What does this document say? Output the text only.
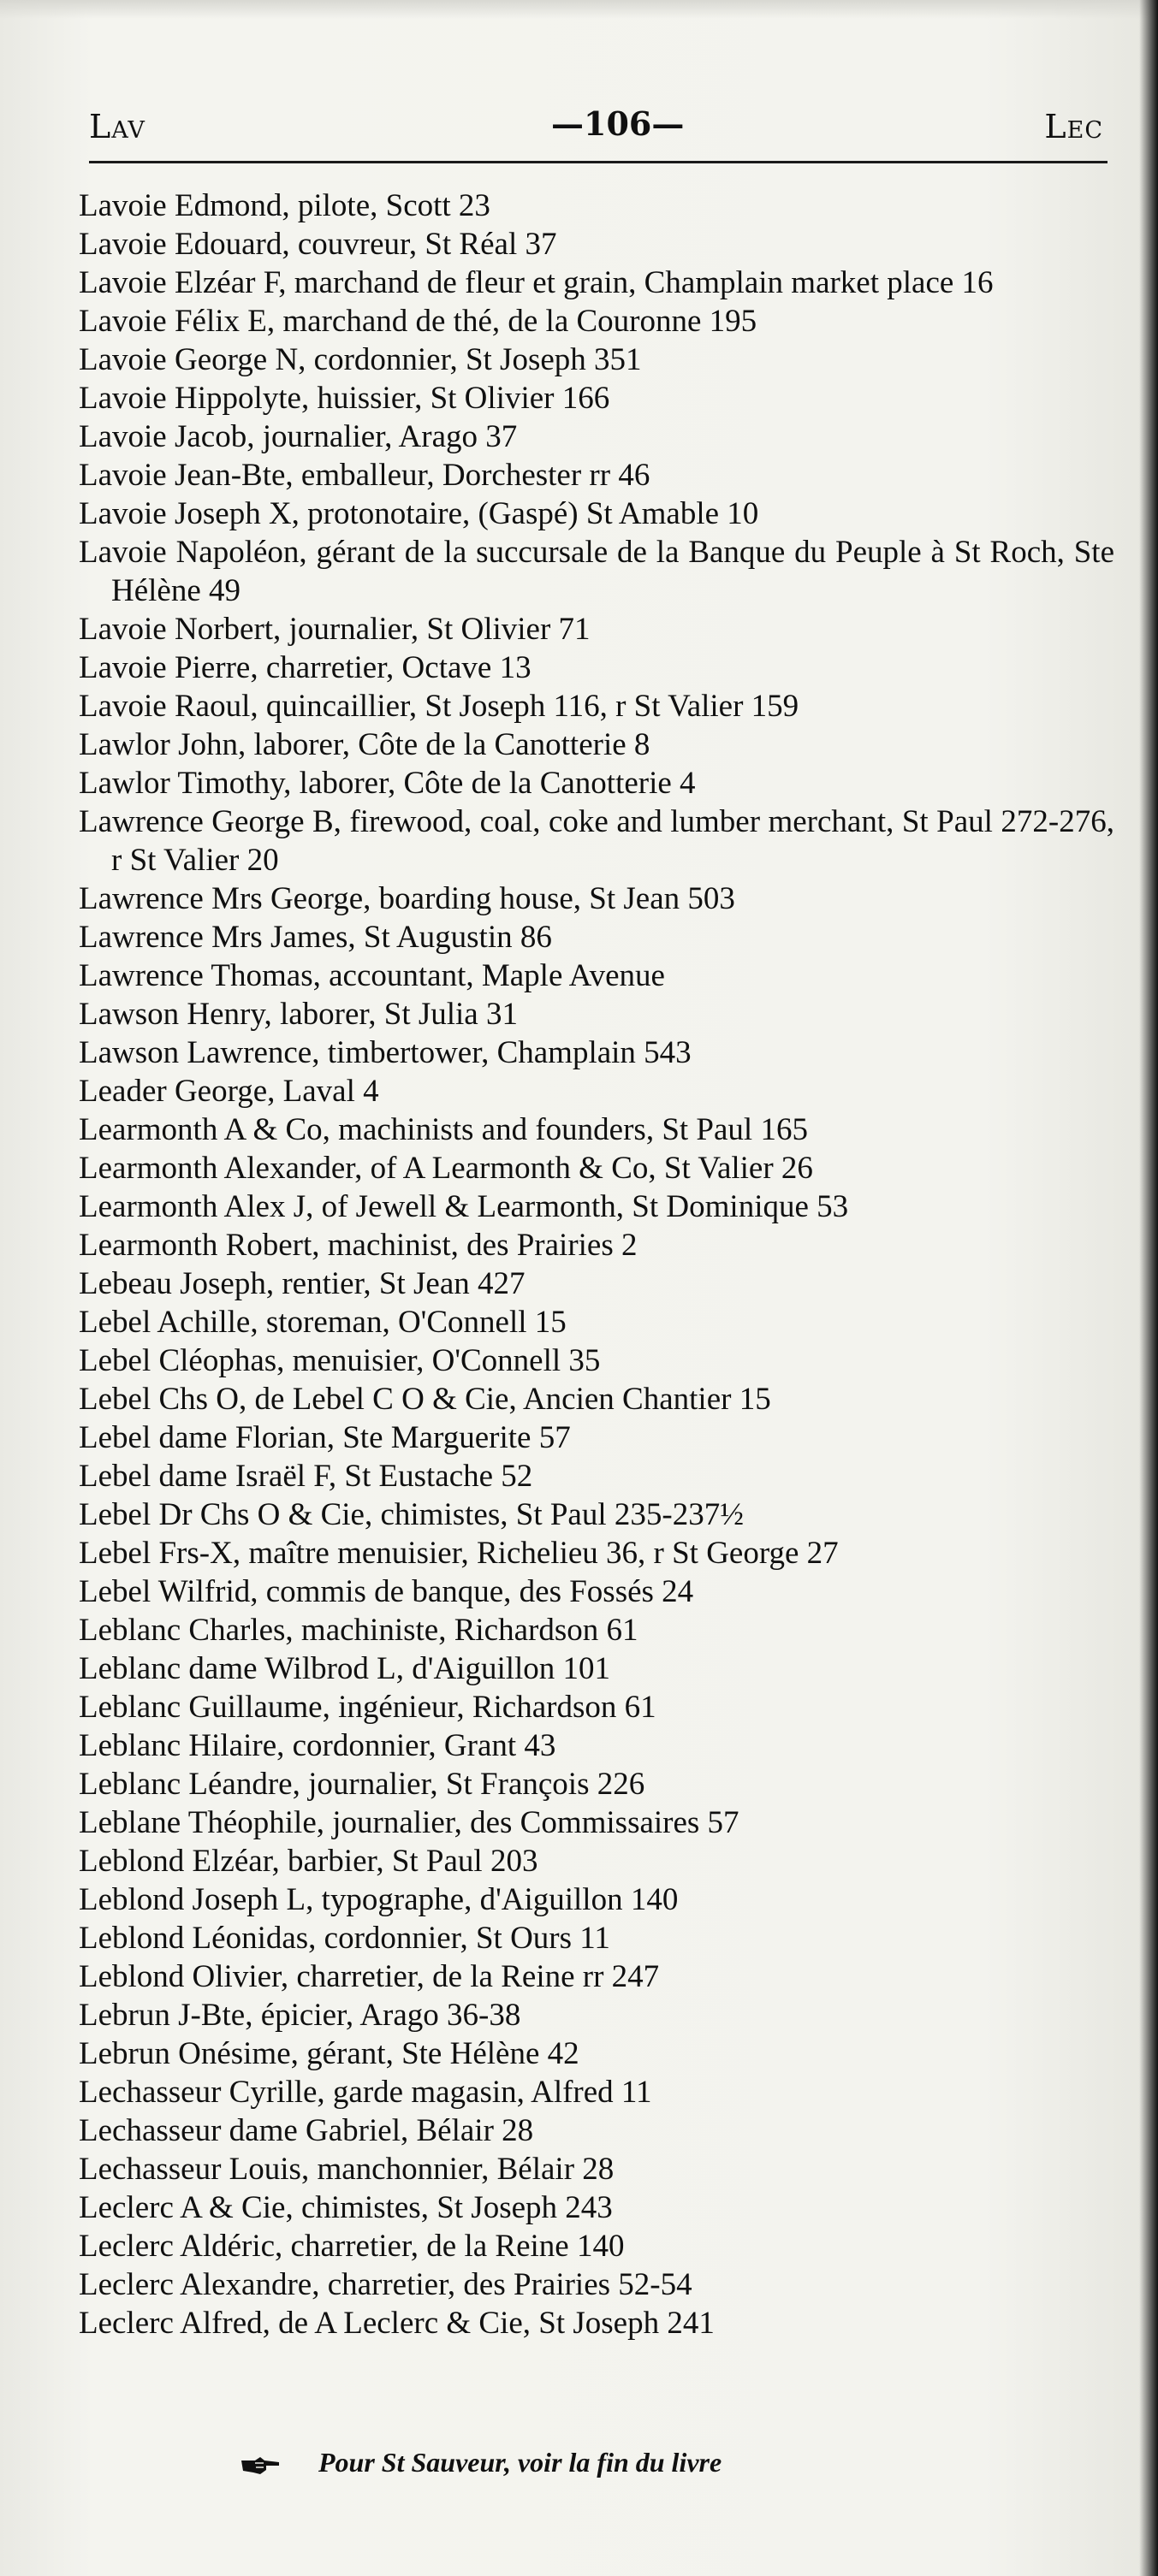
Lav	—106—	Lec

Lavoie Edmond, pilote, Scott 23

Lavoie Edouard, couvreur, St Réal 37

Lavoie Elzéar F, marchand de fleur et grain, Champlain market place 16

Lavoie Félix E, marchand de thé, de la Couronne 195

Lavoie George N, cordonnier, St Joseph 351

Lavoie Hippolyte, huissier, St Olivier 166

Lavoie Jacob, journalier, Arago 37

Lavoie Jean-Bte, emballeur, Dorchester rr 46

Lavoie Joseph X, protonotaire, (Gaspé) St Amable 10

Lavoie Napoléon, gérant de la succursale de la Banque du Peuple à St Roch, Ste Hélène 49

Lavoie Norbert, journalier, St Olivier 71

Lavoie Pierre, charretier, Octave 13

Lavoie Raoul, quincaillier, St Joseph 116, r St Valier 159

Lawlor John, laborer, Côte de la Canotterie 8

Lawlor Timothy, laborer, Côte de la Canotterie 4

Lawrence George B, firewood, coal, coke and lumber merchant, St Paul 272-276, r St Valier 20

Lawrence Mrs George, boarding house, St Jean 503

Lawrence Mrs James, St Augustin 86

Lawrence Thomas, accountant, Maple Avenue

Lawson Henry, laborer, St Julia 31

Lawson Lawrence, timbertower, Champlain 543

Leader George, Laval 4

Learmonth A & Co, machinists and founders, St Paul 165

Learmonth Alexander, of A Learmonth & Co, St Valier 26

Learmonth Alex J, of Jewell & Learmonth, St Dominique 53

Learmonth Robert, machinist, des Prairies 2

Lebeau Joseph, rentier, St Jean 427

Lebel Achille, storeman, O'Connell 15

Lebel Cléophas, menuisier, O'Connell 35

Lebel Chs O, de Lebel C O & Cie, Ancien Chantier 15

Lebel dame Florian, Ste Marguerite 57

Lebel dame Israël F, St Eustache 52

Lebel Dr Chs O & Cie, chimistes, St Paul 235-237½

Lebel Frs-X, maître menuisier, Richelieu 36, r St George 27

Lebel Wilfrid, commis de banque, des Fossés 24

Leblanc Charles, machiniste, Richardson 61

Leblanc dame Wilbrod L, d'Aiguillon 101

Leblanc Guillaume, ingénieur, Richardson 61

Leblanc Hilaire, cordonnier, Grant 43

Leblanc Léandre, journalier, St François 226

Leblane Théophile, journalier, des Commissaires 57

Leblond Elzéar, barbier, St Paul 203

Leblond Joseph L, typographe, d'Aiguillon 140

Leblond Léonidas, cordonnier, St Ours 11

Leblond Olivier, charretier, de la Reine rr 247

Lebrun J-Bte, épicier, Arago 36-38

Lebrun Onésime, gérant, Ste Hélène 42

Lechasseur Cyrille, garde magasin, Alfred 11

Lechasseur dame Gabriel, Bélair 28

Lechasseur Louis, manchonnier, Bélair 28

Leclerc A & Cie, chimistes, St Joseph 243

Leclerc Aldéric, charretier, de la Reine 140

Leclerc Alexandre, charretier, des Prairies 52-54

Leclerc Alfred, de A Leclerc & Cie, St Joseph 241

Pour St Sauveur, voir la fin du livre
